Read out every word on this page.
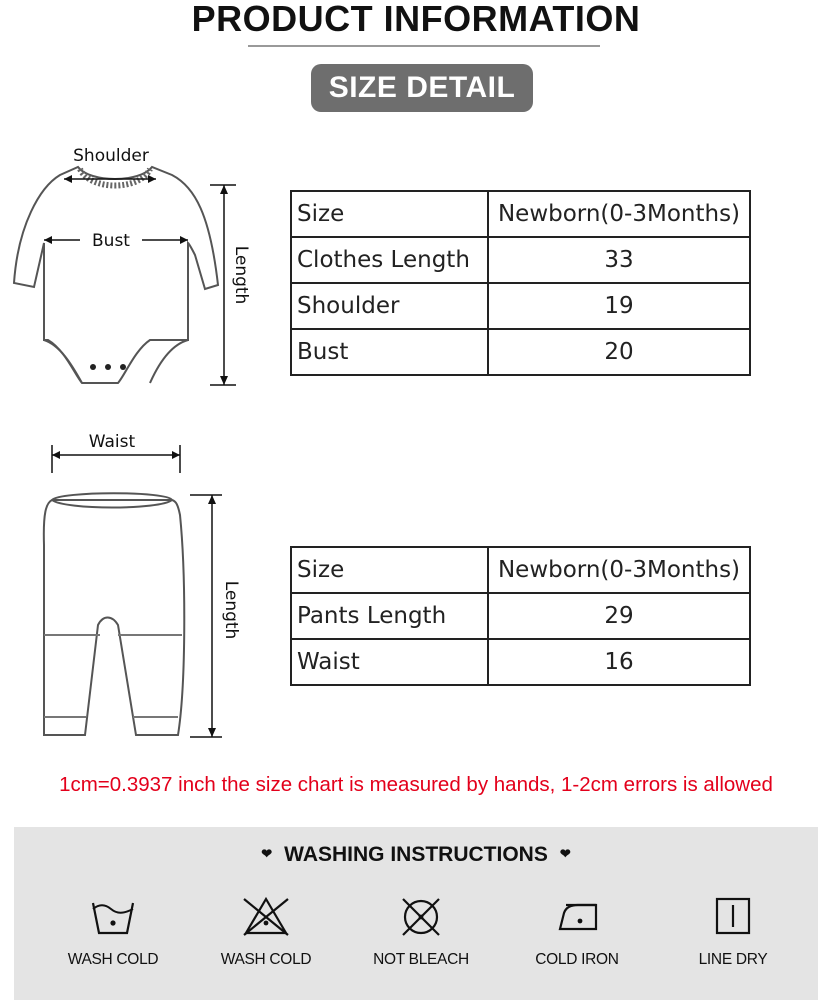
PRODUCT INFORMATION
SIZE DETAIL
Shoulder
Bust
Length
Size	Newborn(0-3Months)
Clothes Length	33
Shoulder	19
Bust	20
Waist
Length
Size	Newborn(0-3Months)
Pants Length	29
Waist	16
1cm=0.3937 inch the size chart is measured by hands, 1-2cm errors is allowed
❤ WASHING INSTRUCTIONS ❤
WASH COLD	WASH COLD	NOT BLEACH	COLD IRON	LINE DRY
